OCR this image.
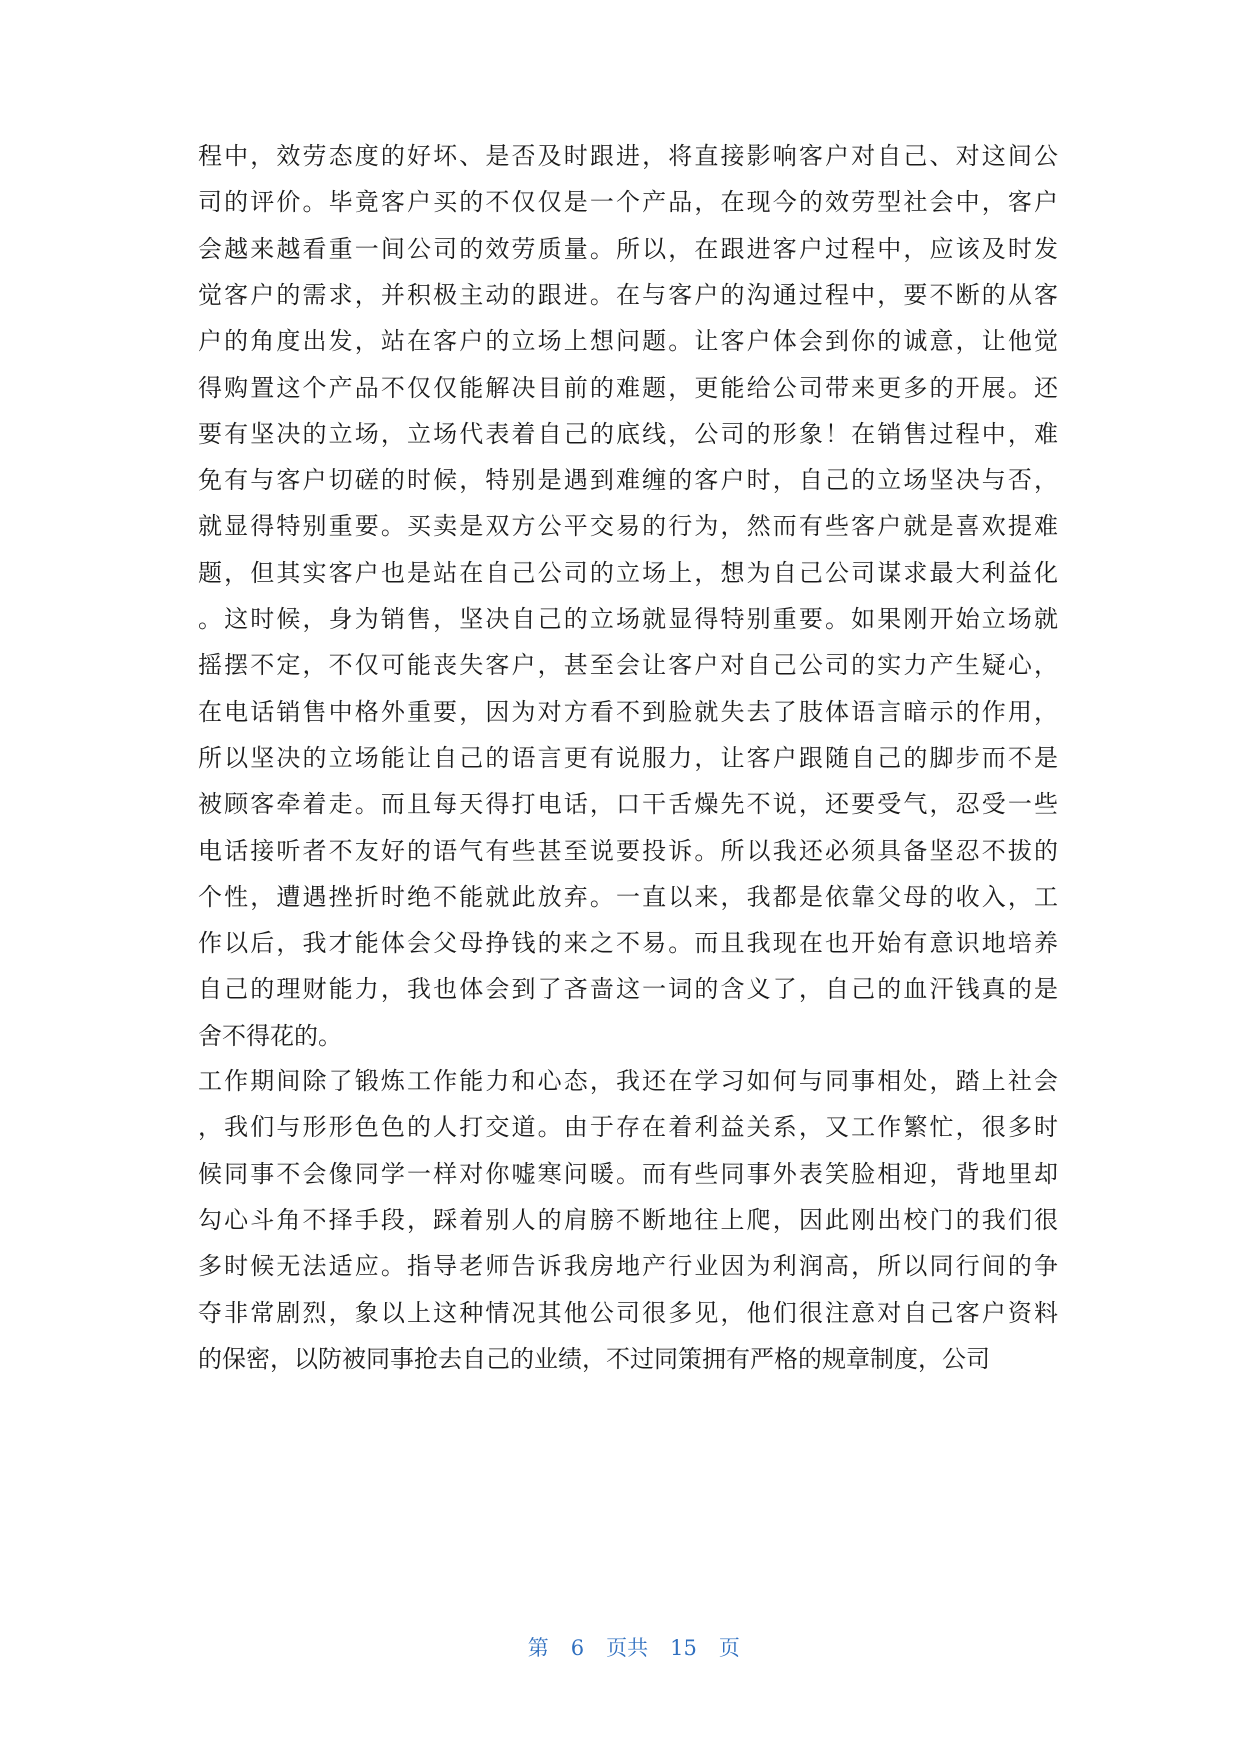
程中，效劳态度的好坏、是否及时跟进，将直接影响客户对自己、对这间公
司的评价。毕竟客户买的不仅仅是一个产品，在现今的效劳型社会中，客户
会越来越看重一间公司的效劳质量。所以，在跟进客户过程中，应该及时发
觉客户的需求，并积极主动的跟进。在与客户的沟通过程中，要不断的从客
户的角度出发，站在客户的立场上想问题。让客户体会到你的诚意，让他觉
得购置这个产品不仅仅能解决目前的难题，更能给公司带来更多的开展。还
要有坚决的立场，立场代表着自己的底线，公司的形象！在销售过程中，难
免有与客户切磋的时候，特别是遇到难缠的客户时，自己的立场坚决与否，
就显得特别重要。买卖是双方公平交易的行为，然而有些客户就是喜欢提难
题，但其实客户也是站在自己公司的立场上，想为自己公司谋求最大利益化
。这时候，身为销售，坚决自己的立场就显得特别重要。如果刚开始立场就
摇摆不定，不仅可能丧失客户，甚至会让客户对自己公司的实力产生疑心，
在电话销售中格外重要，因为对方看不到脸就失去了肢体语言暗示的作用，
所以坚决的立场能让自己的语言更有说服力，让客户跟随自己的脚步而不是
被顾客牵着走。而且每天得打电话，口干舌燥先不说，还要受气，忍受一些
电话接听者不友好的语气有些甚至说要投诉。所以我还必须具备坚忍不拔的
个性，遭遇挫折时绝不能就此放弃。一直以来，我都是依靠父母的收入，工
作以后，我才能体会父母挣钱的来之不易。而且我现在也开始有意识地培养
自己的理财能力，我也体会到了吝啬这一词的含义了，自己的血汗钱真的是
舍不得花的。
工作期间除了锻炼工作能力和心态，我还在学习如何与同事相处，踏上社会
，我们与形形色色的人打交道。由于存在着利益关系，又工作繁忙，很多时
候同事不会像同学一样对你嘘寒问暖。而有些同事外表笑脸相迎，背地里却
勾心斗角不择手段，踩着别人的肩膀不断地往上爬，因此刚出校门的我们很
多时候无法适应。指导老师告诉我房地产行业因为利润高，所以同行间的争
夺非常剧烈，象以上这种情况其他公司很多见，他们很注意对自己客户资料
的保密，以防被同事抢去自己的业绩，不过同策拥有严格的规章制度，公司

第 6 页共 15 页
